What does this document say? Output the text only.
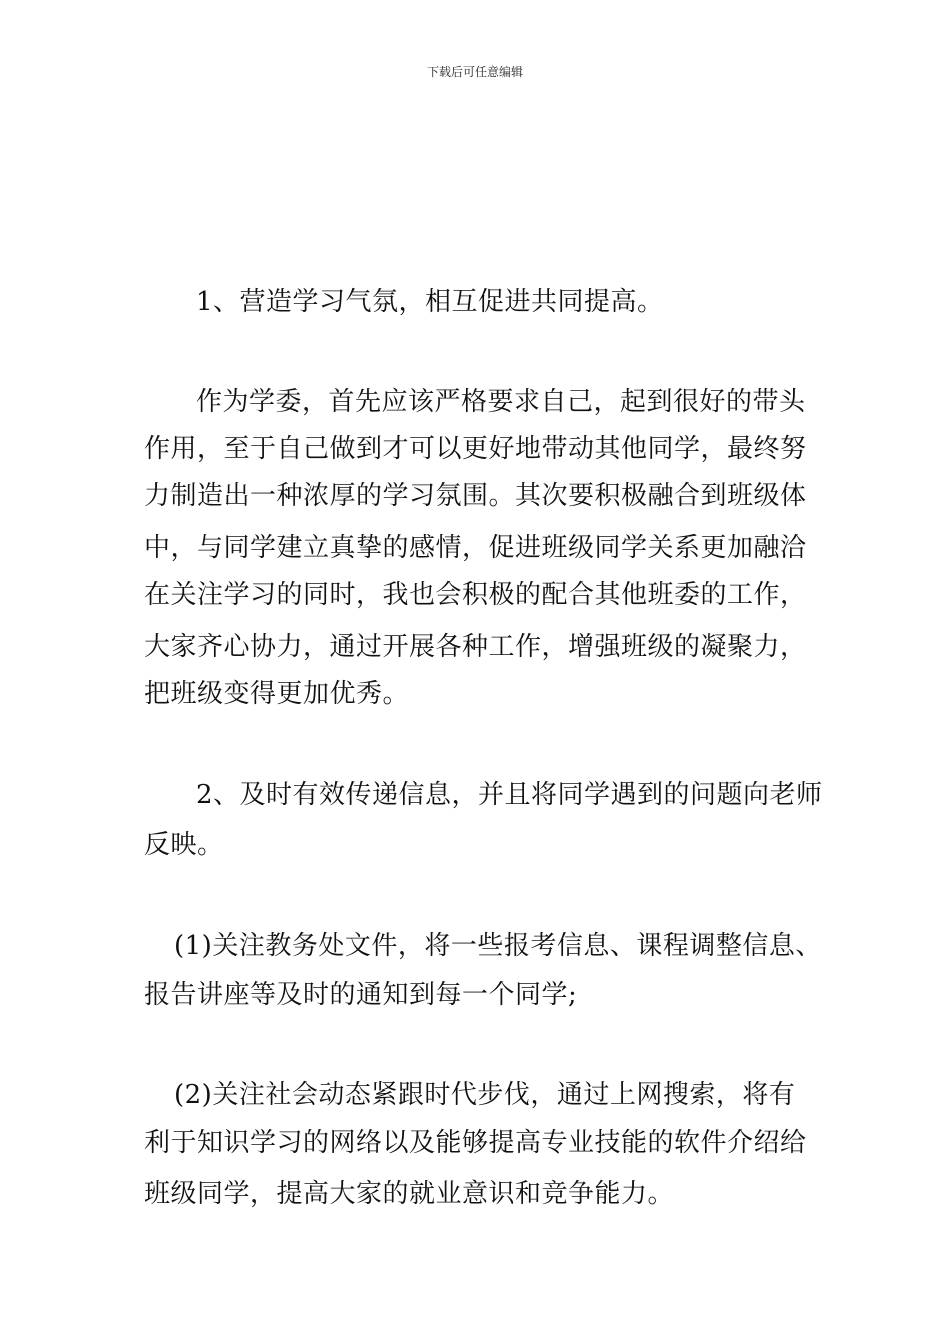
下载后可任意编辑
1、营造学习气氛，相互促进共同提高。
作为学委，首先应该严格要求自己，起到很好的带头
作用，至于自己做到才可以更好地带动其他同学，最终努
力制造出一种浓厚的学习氛围。其次要积极融合到班级体
中，与同学建立真挚的感情，促进班级同学关系更加融洽
在关注学习的同时，我也会积极的配合其他班委的工作，
大家齐心协力，通过开展各种工作，增强班级的凝聚力，
把班级变得更加优秀。
2、及时有效传递信息，并且将同学遇到的问题向老师
反映。
(1)关注教务处文件，将一些报考信息、课程调整信息、
报告讲座等及时的通知到每一个同学;
(2)关注社会动态紧跟时代步伐，通过上网搜索，将有
利于知识学习的网络以及能够提高专业技能的软件介绍给
班级同学，提高大家的就业意识和竞争能力。
